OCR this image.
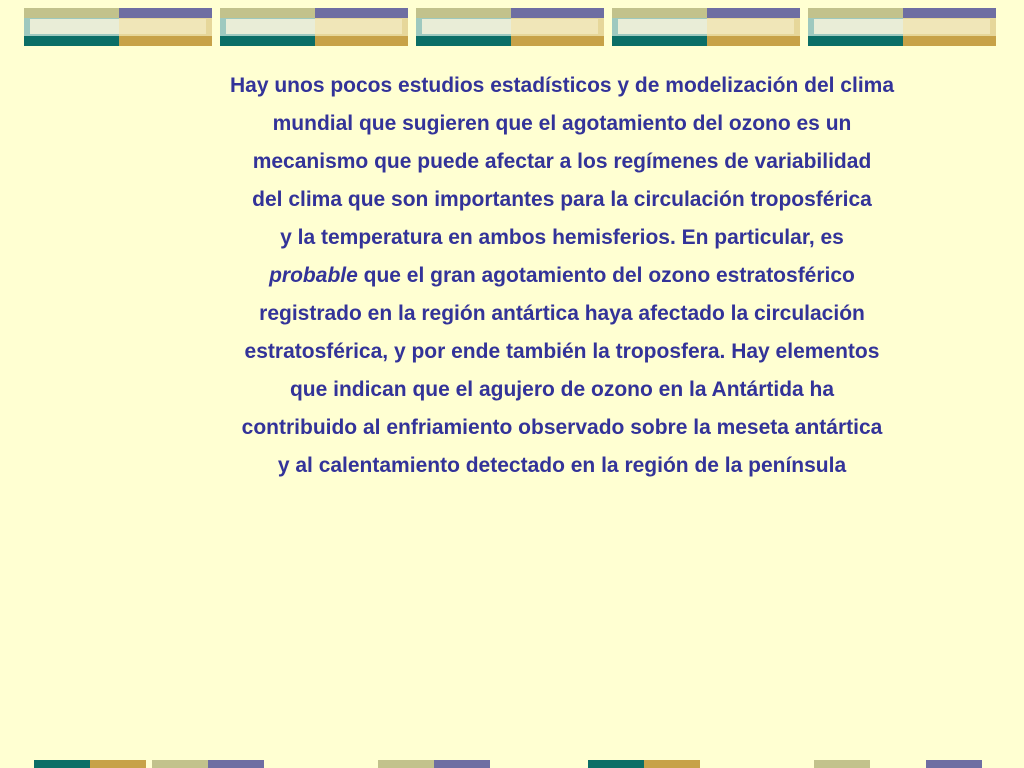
Hay unos pocos estudios estadísticos y de modelización del clima

mundial que sugieren que el agotamiento del ozono es un

mecanismo que puede afectar a los regímenes de variabilidad

del clima que son importantes para la circulación troposférica

y la temperatura en ambos hemisferios. En particular, es

probable que el gran agotamiento del ozono estratosférico

registrado en la región antártica haya afectado la circulación

estratosférica, y por ende también la troposfera. Hay elementos

que indican que el agujero de ozono en la Antártida ha

contribuido al enfriamiento observado sobre la meseta antártica

y al calentamiento detectado en la región de la península
